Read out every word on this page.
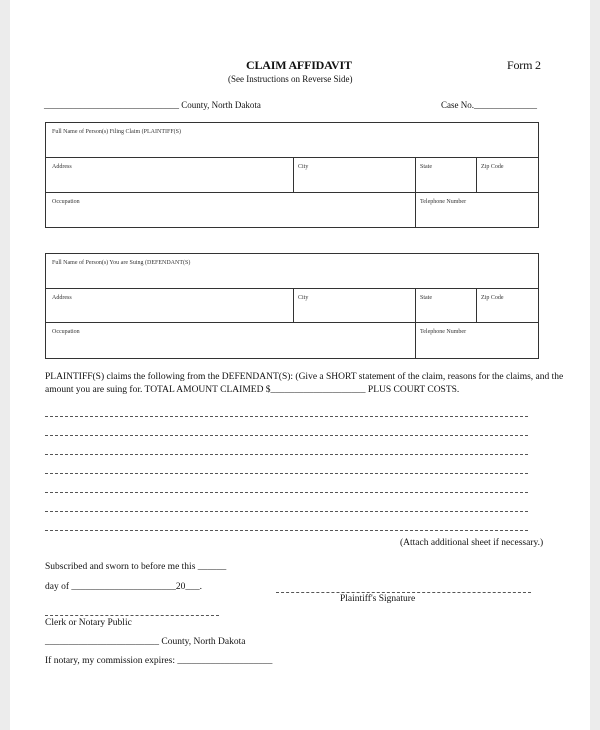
CLAIM AFFIDAVIT	Form 2
(See Instructions on Reverse Side)
______________________________ County, North Dakota	Case No.______________
Full Name of Person(s) Filing Claim (PLAINTIFF(S)
Address	City	State	Zip Code
Occupation	Telephone Number
Full Name of Person(s) You are Suing (DEFENDANT(S)
Address	City	State	Zip Code
Occupation	Telephone Number
PLAINTIFF(S) claims the following from the DEFENDANT(S): (Give a SHORT statement of the claim, reasons for the claims, and the
amount you are suing for. TOTAL AMOUNT CLAIMED $____________________ PLUS COURT COSTS.
(Attach additional sheet if necessary.)
Subscribed and sworn to before me this ______
day of ______________________20___.
Plaintiff's Signature
Clerk or Notary Public
________________________ County, North Dakota
If notary, my commission expires: ____________________
